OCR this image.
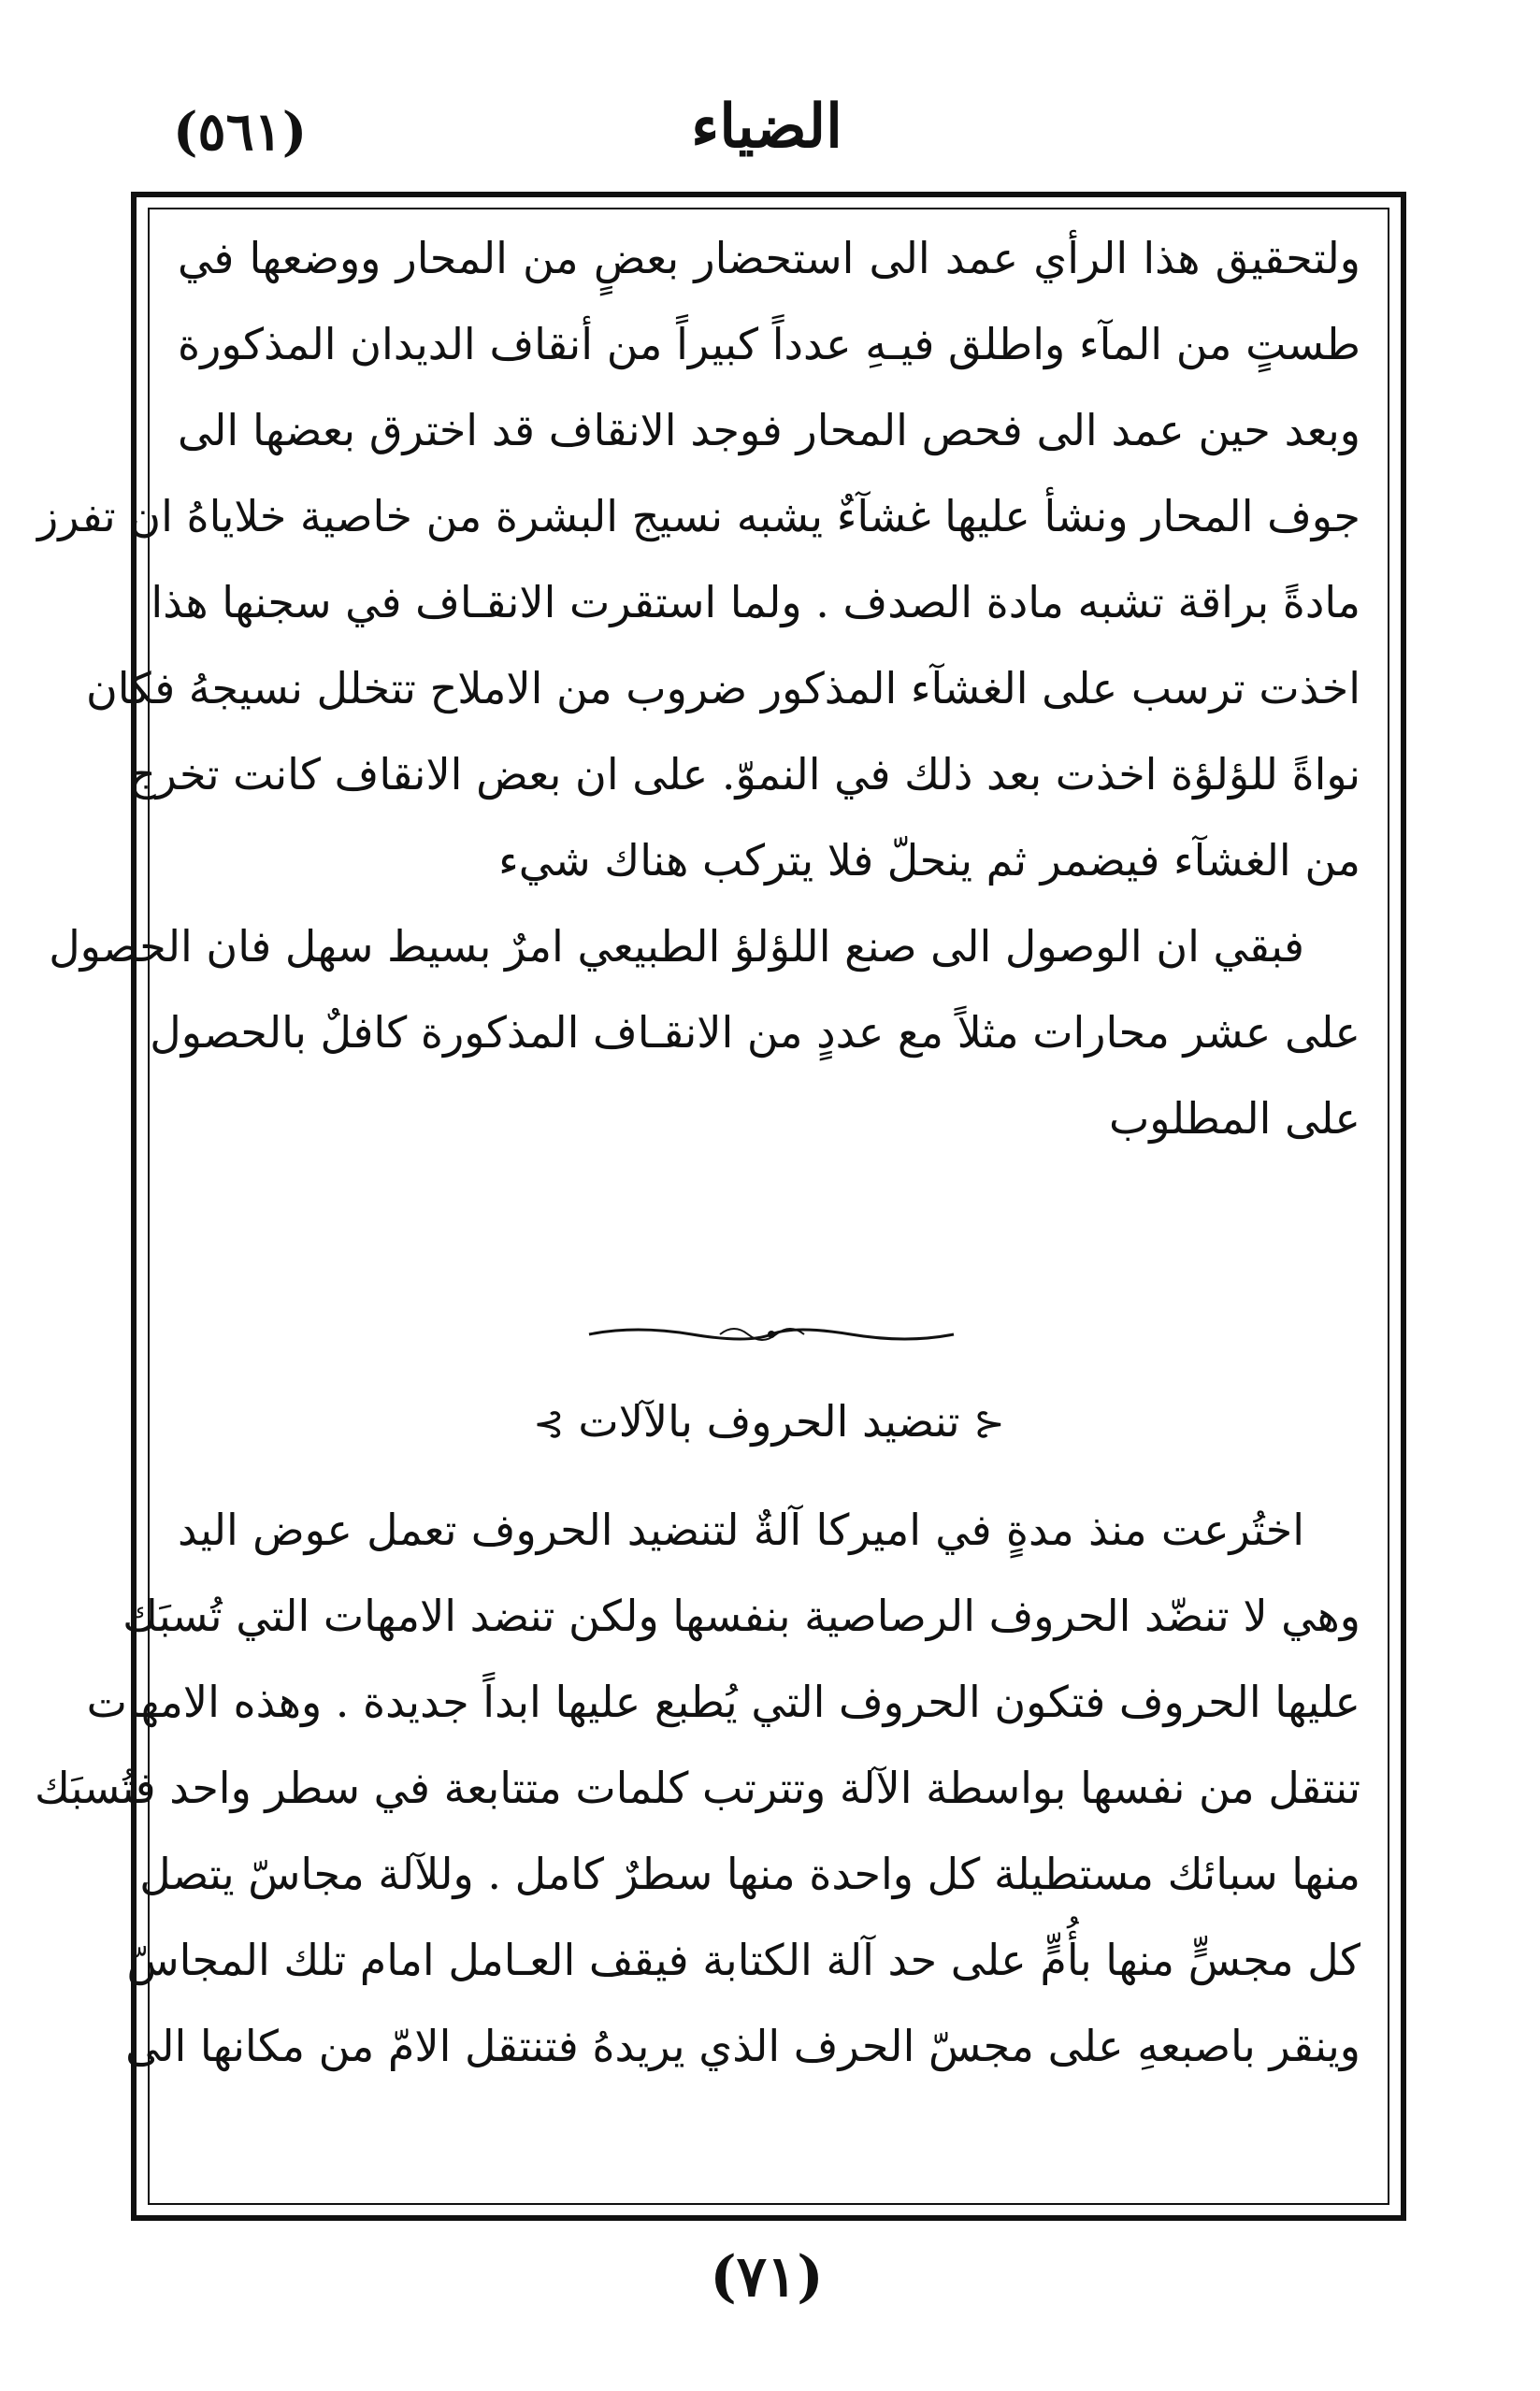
الضياء
(٥٦١)
ولتحقيق هذا الرأي عمد الى استحضار بعضٍ من المحار ووضعها في
طستٍ من المآء واطلق فيـهِ عدداً كبيراً من أنقاف الديدان المذكورة
وبعد حين عمد الى فحص المحار فوجد الانقاف قد اخترق بعضها الى
جوف المحار ونشأ عليها غشآءٌ يشبه نسيج البشرة من خاصية خلاياهُ ان تفرز
مادةً براقة تشبه مادة الصدف . ولما استقرت الانقـاف في سجنها هذا
اخذت ترسب على الغشآء المذكور ضروب من الاملاح تتخلل نسيجهُ فكان
نواةً للؤلؤة اخذت بعد ذلك في النموّ. على ان بعض الانقاف كانت تخرج
من الغشآء فيضمر ثم ينحلّ فلا يتركب هناك شيء
فبقي ان الوصول الى صنع اللؤلؤ الطبيعي امرٌ بسيط سهل فان الحصول
على عشر محارات مثلاً مع عددٍ من الانقـاف المذكورة كافلٌ بالحصول
على المطلوب
⊰ تنضيد الحروف بالآلات ⊱
اختُرعت منذ مدةٍ في اميركا آلةٌ لتنضيد الحروف تعمل عوض اليد
وهي لا تنضّد الحروف الرصاصية بنفسها ولكن تنضد الامهات التي تُسبَك
عليها الحروف فتكون الحروف التي يُطبع عليها ابداً جديدة . وهذه الامهات
تنتقل من نفسها بواسطة الآلة وتترتب كلمات متتابعة في سطر واحد فتُسبَك
منها سبائك مستطيلة كل واحدة منها سطرٌ كامل . وللآلة مجاسّ يتصل
كل مجسٍّ منها بأُمٍّ على حد آلة الكتابة فيقف العـامل امام تلك المجاسّ
وينقر باصبعهِ على مجسّ الحرف الذي يريدهُ فتنتقل الامّ من مكانها الى
(٧١)
